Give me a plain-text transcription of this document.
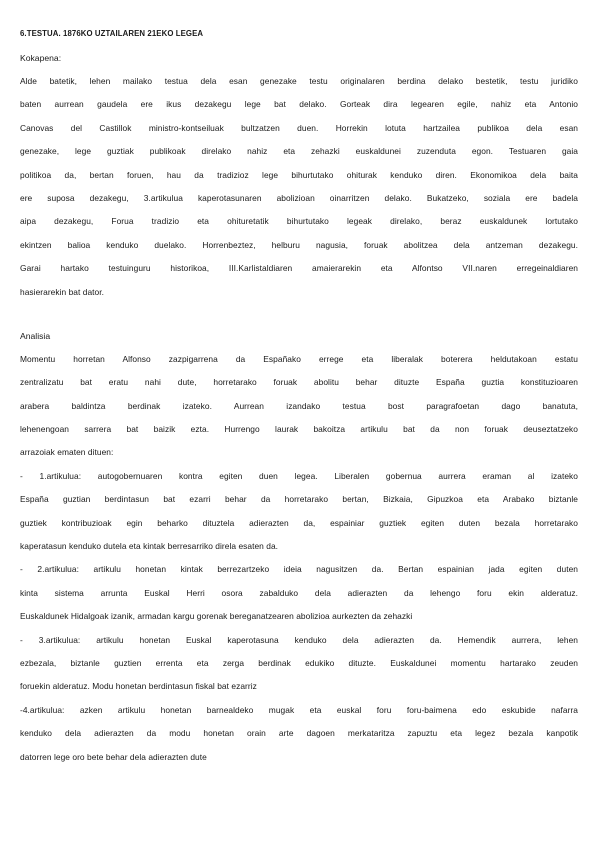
6.TESTUA. 1876KO UZTAILAREN 21EKO LEGEA
Kokapena:
Alde batetik, lehen mailako testua dela esan genezake testu originalaren berdina delako bestetik, testu juridiko
baten aurrean gaudela ere ikus dezakegu lege bat delako. Gorteak dira legearen egile, nahiz eta Antonio
Canovas del Castillok ministro-kontseiluak bultzatzen duen. Horrekin lotuta hartzailea publikoa dela esan
genezake, lege guztiak publikoak direlako nahiz eta zehazki euskaldunei zuzenduta egon. Testuaren gaia
politikoa da, bertan foruen, hau da tradizioz lege bihurtutako ohiturak kenduko diren. Ekonomikoa dela baita
ere suposa dezakegu, 3.artikulua kaperotasunaren abolizioan oinarritzen delako. Bukatzeko, soziala ere badela
aipa dezakegu, Forua tradizio eta ohituretatik bihurtutako legeak direlako, beraz euskaldunek lortutako
ekintzen balioa kenduko duelako. Horrenbeztez, helburu nagusia, foruak abolitzea dela antzeman dezakegu.
Garai hartako testuinguru historikoa, III.Karlistaldiaren amaierarekin eta Alfontso VII.naren erregeinaldiaren
hasierarekin bat dator.
Analisia
Momentu horretan Alfonso zazpigarrena da Españako errege eta liberalak boterera heldutakoan estatu
zentralizatu bat eratu nahi dute, horretarako foruak abolitu behar dituzte España guztia konstituzioaren
arabera baldintza berdinak izateko. Aurrean izandako testua bost paragrafoetan dago banatuta,
lehenengoan sarrera bat baizik ezta. Hurrengo laurak bakoitza artikulu bat da non foruak deuseztatzeko
arrazoiak ematen dituen:
- 1.artikulua: autogobernuaren kontra egiten duen legea. Liberalen gobernua aurrera eraman al izateko
España guztian berdintasun bat ezarri behar da horretarako bertan, Bizkaia, Gipuzkoa eta Arabako biztanle
guztiek kontribuzioak egin beharko dituztela adierazten da, espainiar guztiek egiten duten bezala horretarako
kaperatasun kenduko dutela eta kintak berresarriko direla esaten da.
- 2.artikulua: artikulu honetan kintak berrezartzeko ideia nagusitzen da. Bertan espainian jada egiten duten
kinta sistema arrunta Euskal Herri osora zabalduko dela adierazten da lehengo foru ekin alderatuz.
Euskaldunek Hidalgoak izanik, armadan kargu gorenak bereganatzearen abolizioa aurkezten da zehazki
- 3.artikulua: artikulu honetan Euskal kaperotasuna kenduko dela adierazten da. Hemendik aurrera, lehen
ezbezala, biztanle guztien errenta eta zerga berdinak edukiko dituzte. Euskaldunei momentu hartarako zeuden
foruekin alderatuz. Modu honetan berdintasun fiskal bat ezarriz
-4.artikulua: azken artikulu honetan barnealdeko mugak eta euskal foru foru-baimena edo eskubide nafarra
kenduko dela adierazten da modu honetan orain arte dagoen merkataritza zapuztu eta legez bezala kanpotik
datorren lege oro bete behar dela adierazten dute
